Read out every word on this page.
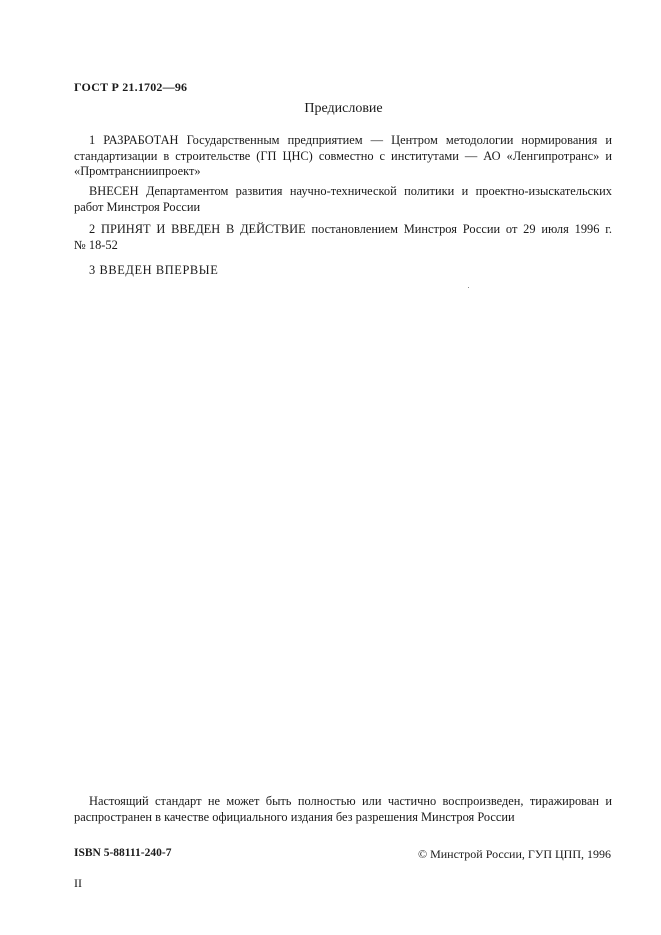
ГОСТ Р 21.1702—96
Предисловие
1 РАЗРАБОТАН Государственным предприятием — Центром методологии нормирования и
стандартизации в строительстве (ГП ЦНС) совместно с институтами — АО «Ленгипротранс» и
«Промтрансниипроект»
ВНЕСЕН Департаментом развития научно-технической политики и проектно-изыскательских
работ Минстроя России
2 ПРИНЯТ И ВВЕДЕН В ДЕЙСТВИЕ постановлением Минстроя России от 29 июля 1996 г.
№ 18-52
3 ВВЕДЕН ВПЕРВЫЕ
Настоящий стандарт не может быть полностью или частично воспроизведен, тиражирован и
распространен в качестве официального издания без разрешения Минстроя России
ISBN 5-88111-240-7	© Минстрой России, ГУП ЦПП, 1996
II
